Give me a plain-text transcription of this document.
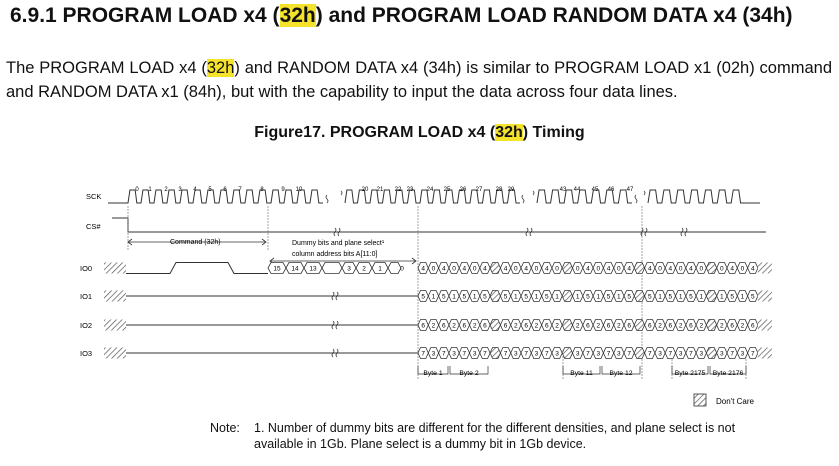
6.9.1 PROGRAM LOAD x4 (32h) and PROGRAM LOAD RANDOM DATA x4 (34h)
The PROGRAM LOAD x4 (32h) and RANDOM DATA x4 (34h) is similar to PROGRAM LOAD x1 (02h) command and RANDOM DATA x1 (84h), but with the capability to input the data across four data lines.
Figure17. PROGRAM LOAD x4 (32h) Timing
SCK
CS#
IO0
IO1
IO2
IO3
0 1 2 3 4 5 6 7	8	9 10	20 21 22 23 24 25 26 27 28 29	43 44 45 46 47
Command (32h)	Dummy bits and plane select¹
column address bits A[11:0]
15 14 13	3 2 1	0	4 0 4 0 4 0 4	4 0 4 0 4 0	0 4 0 4 0 4	4 0 4 0 4 0	0 4 0 4
5 1 5 1 5 1 5	5 1 5 1 5 1	1 5 1 5 1 5	5 1 5 1 5 1	1 5 1 5
6 2 6 2 6 2 6	6 2 6 2 6 2	2 6 2 6 2 6	6 2 6 2 6 2	2 6 2 6
7 3 7 3 7 3 7	7 3 7 3 7 3	3 7 3 7 3 7	7 3 7 3 7 3	3 7 3 7
Byte 1 Byte 2	Byte 11 Byte 12	Byte 2175 Byte 2176
Don't Care
Note: 1. Number of dummy bits are different for the different densities, and plane select is not available in 1Gb. Plane select is a dummy bit in 1Gb device.
